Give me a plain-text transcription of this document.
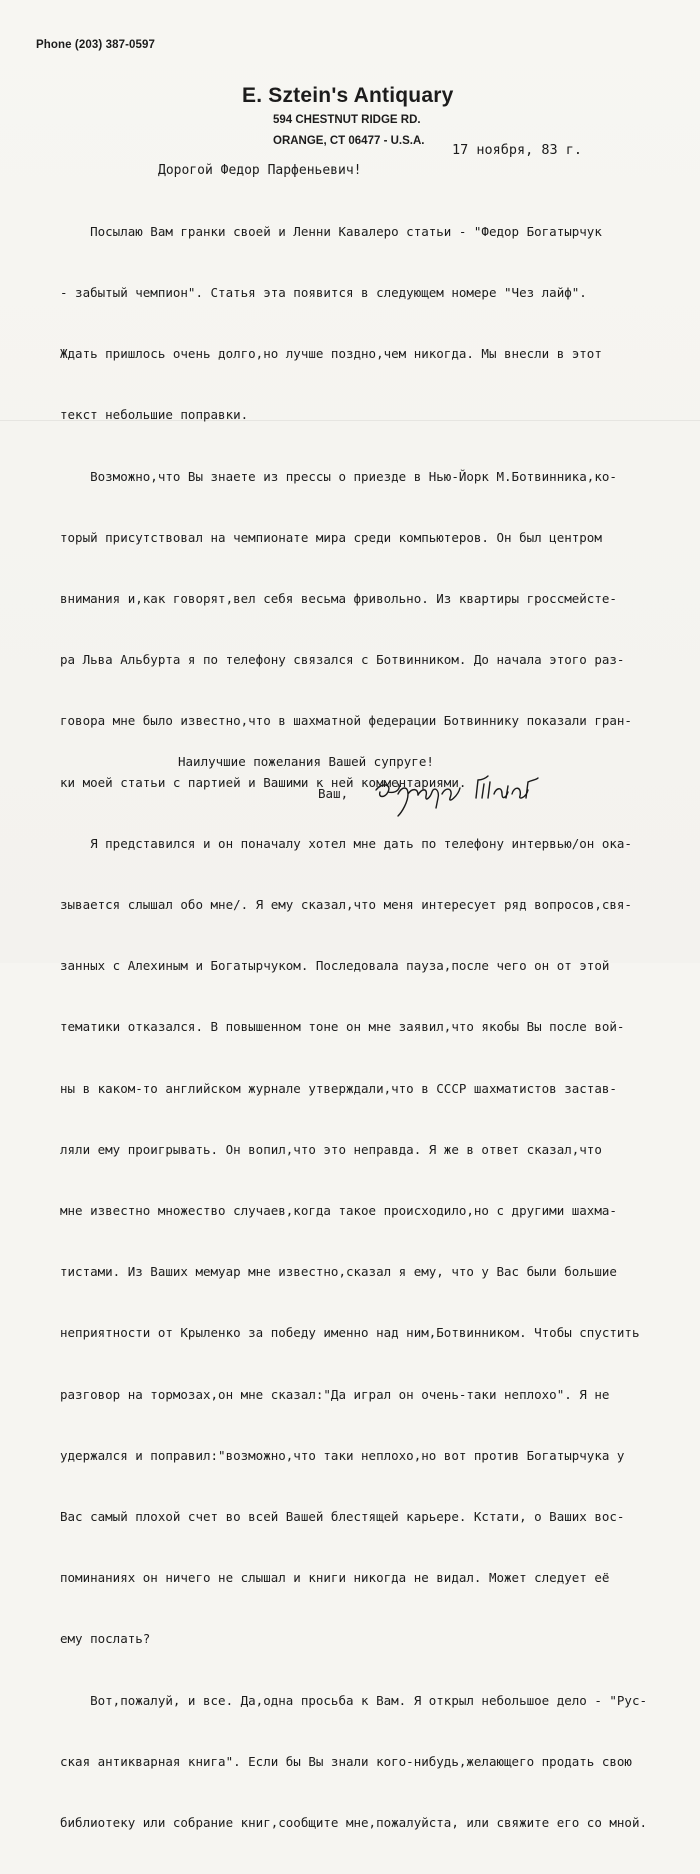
Phone (203) 387-0597
E. Sztein's Antiquary
594 CHESTNUT RIDGE RD.
ORANGE, CT 06477 - U.S.A.
17 ноября, 83 г.
Дорогой Федор Парфеньевич!

Посылаю Вам гранки своей и Ленни Кавалеро статьи - "Федор Богатырчук

- забытый чемпион". Статья эта появится в следующем номере "Чез лайф".

Ждать пришлось очень долго,но лучше поздно,чем никогда. Мы внесли в этот

текст небольшие поправки.

Возможно,что Вы знаете из прессы о приезде в Нью-Йорк М.Ботвинника,ко-

торый присутствовал на чемпионате мира среди компьютеров. Он был центром

внимания и,как говорят,вел себя весьма фривольно. Из квартиры гроссмейсте-

ра Льва Альбурта я по телефону связался с Ботвинником. До начала этого раз-

говора мне было известно,что в шахматной федерации Ботвиннику показали гран-

ки моей статьи с партией и Вашими к ней комментариями.

Я представился и он поначалу хотел мне дать по телефону интервью/он ока-

зывается слышал обо мне/. Я ему сказал,что меня интересует ряд вопросов,свя-

занных с Алехиным и Богатырчуком. Последовала пауза,после чего он от этой

тематики отказался. В повышенном тоне он мне заявил,что якобы Вы после вой-

ны в каком-то английском журнале утверждали,что в СССР шахматистов застав-

ляли ему проигрывать. Он вопил,что это неправда. Я же в ответ сказал,что

мне известно множество случаев,когда такое происходило,но с другими шахма-

тистами. Из Ваших мемуар мне известно,сказал я ему, что у Вас были большие

неприятности от Крыленко за победу именно над ним,Ботвинником. Чтобы спустить

разговор на тормозах,он мне сказал:"Да играл он очень-таки неплохо". Я не

удержался и поправил:"возможно,что таки неплохо,но вот против Богатырчука у

Вас самый плохой счет во всей Вашей блестящей карьере. Кстати, о Ваших вос-

поминаниях он ничего не слышал и книги никогда не видал. Может следует её

ему послать?

Вот,пожалуй, и все. Да,одна просьба к Вам. Я открыл небольшое дело - "Рус-

ская антикварная книга". Если бы Вы знали кого-нибудь,желающего продать свою

библиотеку или собрание книг,сообщите мне,пожалуйста, или свяжите его со мной.

Наилучшие пожелания Вашей супруге!
Ваш,
